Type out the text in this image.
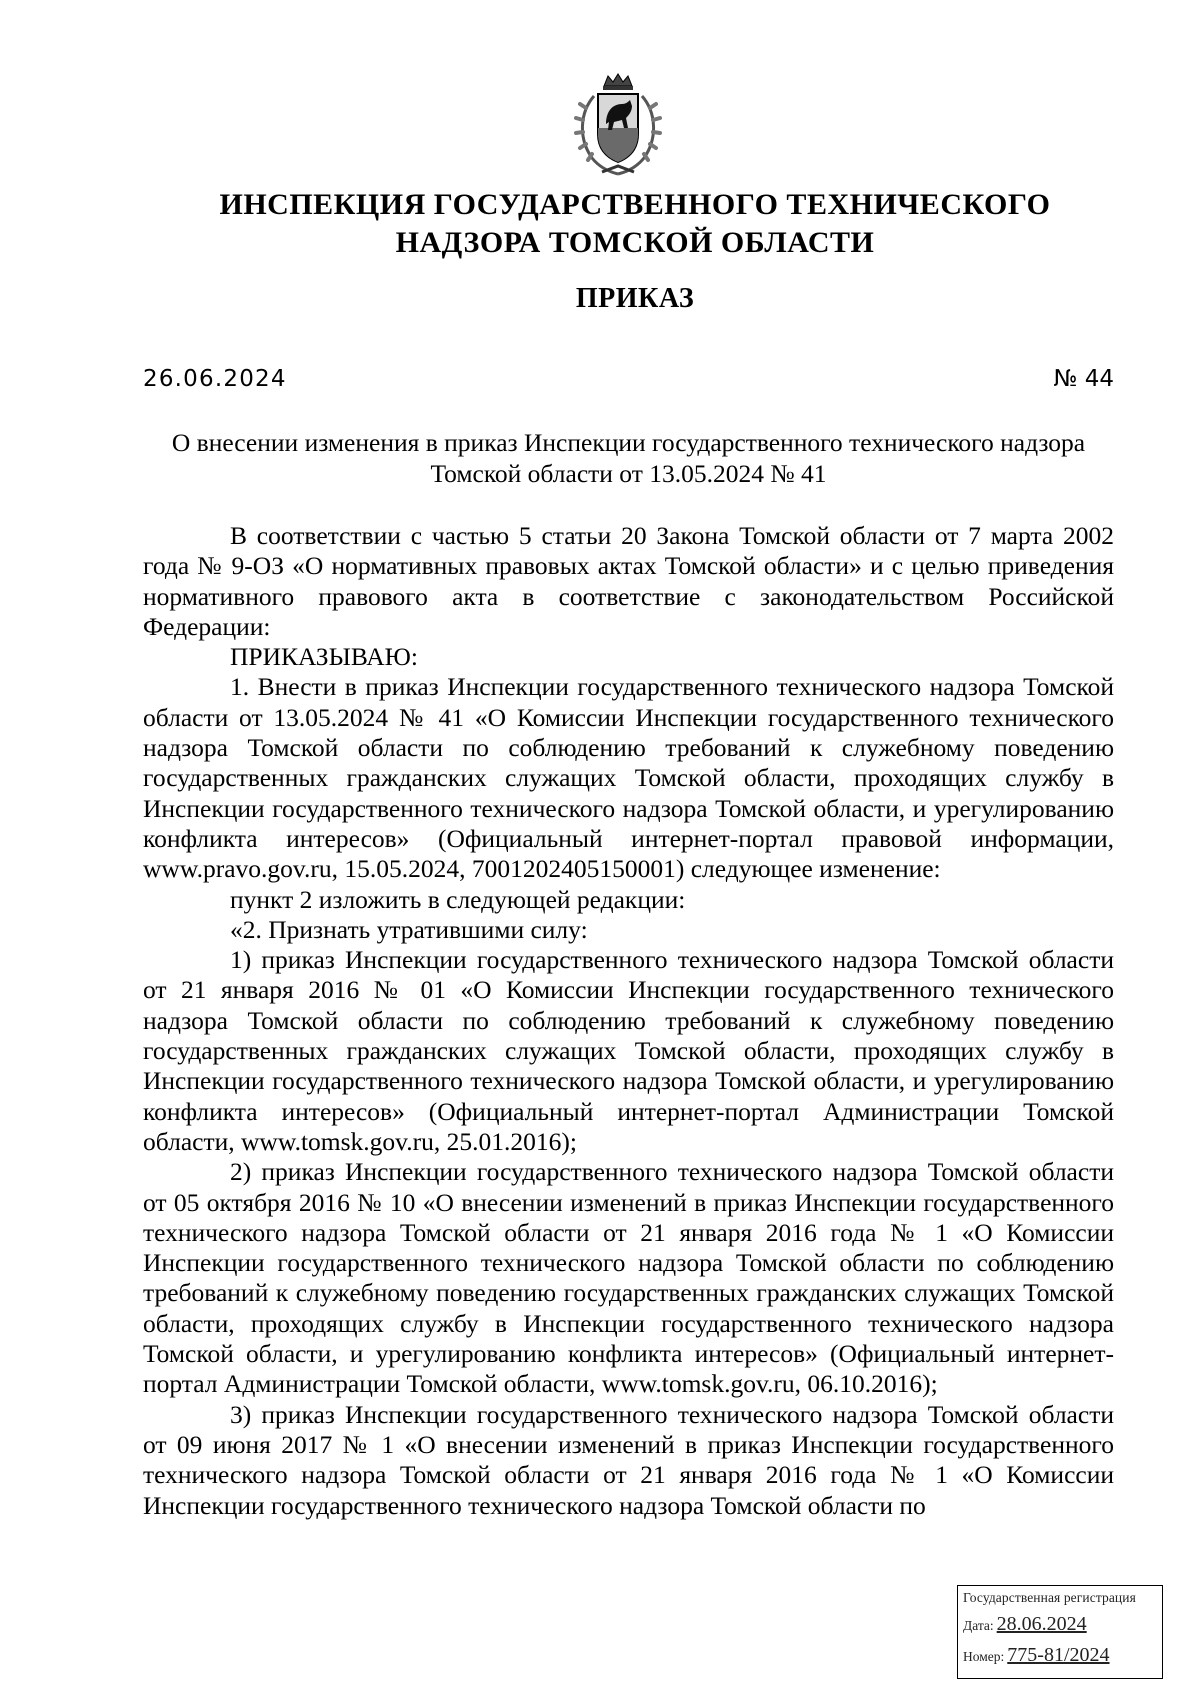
ИНСПЕКЦИЯ ГОСУДАРСТВЕННОГО ТЕХНИЧЕСКОГО
НАДЗОРА ТОМСКОЙ ОБЛАСТИ
ПРИКАЗ
26.06.2024	№ 44
О внесении изменения в приказ Инспекции государственного технического надзора Томской области от 13.05.2024 № 41

В соответствии с частью 5 статьи 20 Закона Томской области от 7 марта 2002 года № 9-ОЗ «О нормативных правовых актах Томской области» и с целью приведения нормативного правового акта в соответствие с законодательством Российской Федерации:

ПРИКАЗЫВАЮ:

1. Внести в приказ Инспекции государственного технического надзора Томской области от 13.05.2024 № 41 «О Комиссии Инспекции государственного технического надзора Томской области по соблюдению требований к служебному поведению государственных гражданских служащих Томской области, проходящих службу в Инспекции государственного технического надзора Томской области, и урегулированию конфликта интересов» (Официальный интернет-портал правовой информации, www.pravo.gov.ru, 15.05.2024, 7001202405150001) следующее изменение:

пункт 2 изложить в следующей редакции:

«2. Признать утратившими силу:

1) приказ Инспекции государственного технического надзора Томской области от 21 января 2016 № 01 «О Комиссии Инспекции государственного технического надзора Томской области по соблюдению требований к служебному поведению государственных гражданских служащих Томской области, проходящих службу в Инспекции государственного технического надзора Томской области, и урегулированию конфликта интересов» (Официальный интернет-портал Администрации Томской области, www.tomsk.gov.ru, 25.01.2016);

2) приказ Инспекции государственного технического надзора Томской области от 05 октября 2016 № 10 «О внесении изменений в приказ Инспекции государственного технического надзора Томской области от 21 января 2016 года № 1 «О Комиссии Инспекции государственного технического надзора Томской области по соблюдению требований к служебному поведению государственных гражданских служащих Томской области, проходящих службу в Инспекции государственного технического надзора Томской области, и урегулированию конфликта интересов» (Официальный интернет-портал Администрации Томской области, www.tomsk.gov.ru, 06.10.2016);

3) приказ Инспекции государственного технического надзора Томской области от 09 июня 2017 № 1 «О внесении изменений в приказ Инспекции государственного технического надзора Томской области от 21 января 2016 года № 1 «О Комиссии Инспекции государственного технического надзора Томской области по

Государственная регистрация
Дата: 28.06.2024
Номер: 775-81/2024
